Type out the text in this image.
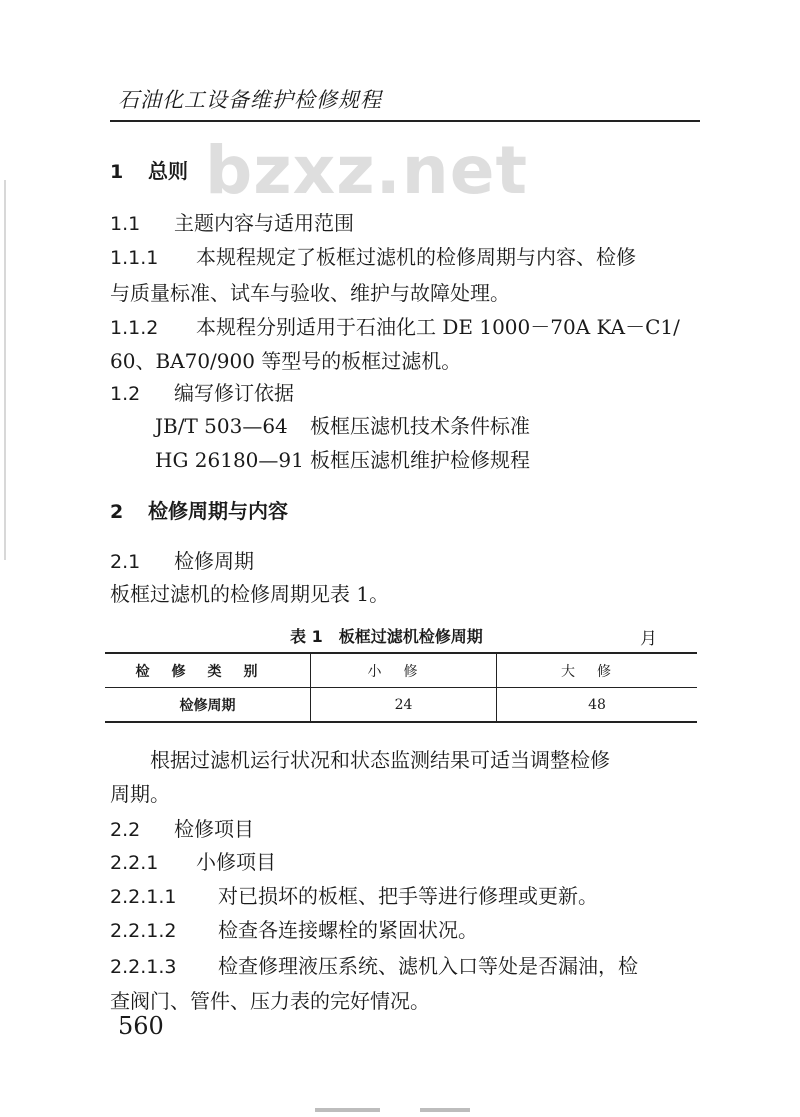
石油化工设备维护检修规程
bzxz.net
1 总则
1.1 主题内容与适用范围
1.1.1 本规程规定了板框过滤机的检修周期与内容、检修
与质量标准、试车与验收、维护与故障处理。
1.1.2 本规程分别适用于石油化工 DE 1000－70A KA－C1/
60、BA70/900 等型号的板框过滤机。
1.2 编写修订依据
JB/T 503—64 板框压滤机技术条件标准
HG 26180—91 板框压滤机维护检修规程
2 检修周期与内容
2.1 检修周期
板框过滤机的检修周期见表 1。
表 1　板框过滤机检修周期	月
检修类别	小修	大修
检修周期	24	48
根据过滤机运行状况和状态监测结果可适当调整检修
周期。
2.2 检修项目
2.2.1 小修项目
2.2.1.1 对已损坏的板框、把手等进行修理或更新。
2.2.1.2 检查各连接螺栓的紧固状况。
2.2.1.3 检查修理液压系统、滤机入口等处是否漏油，检
查阀门、管件、压力表的完好情况。
560
